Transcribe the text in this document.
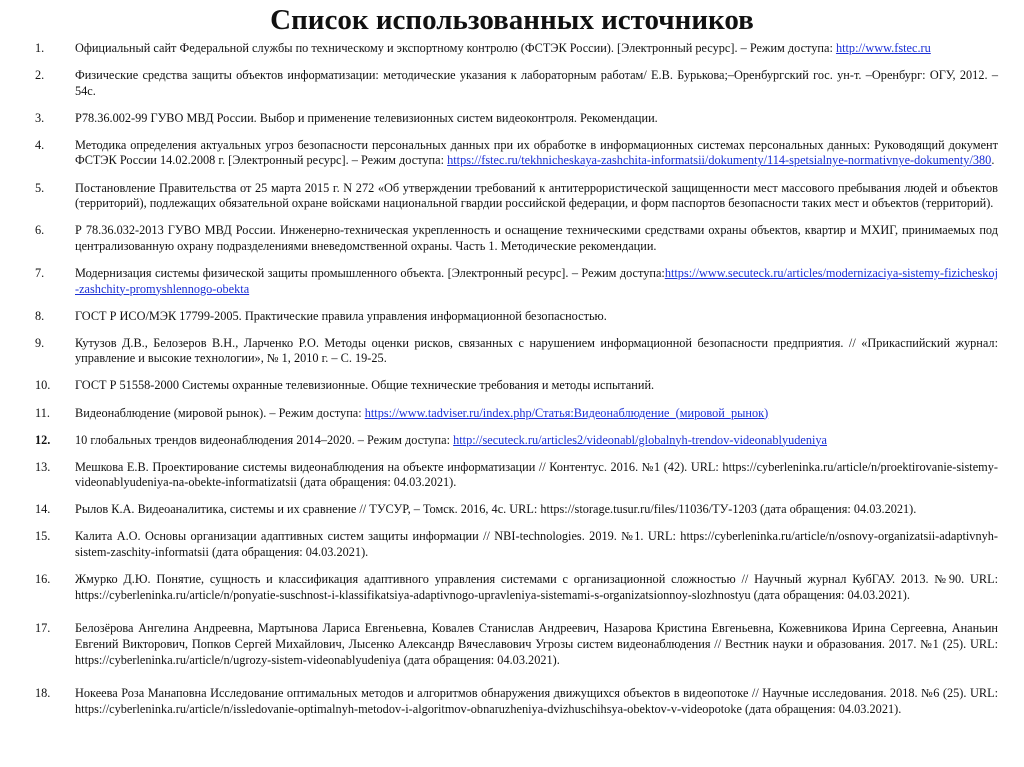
Список использованных источников
1.	Официальный сайт Федеральной службы по техническому и экспортному контролю (ФСТЭК России). [Электронный ресурс]. – Режим доступа: http://www.fstec.ru
2.	Физические средства защиты объектов информатизации: методические указания к лабораторным работам/ Е.В. Бурькова;–Оренбургский гос. ун-т. –Оренбург: ОГУ, 2012. –54с.
3.	Р78.36.002-99 ГУВО МВД России. Выбор и применение телевизионных систем видеоконтроля. Рекомендации.
4.	Методика определения актуальных угроз безопасности персональных данных при их обработке в информационных системах персональных данных: Руководящий документ ФСТЭК России 14.02.2008 г. [Электронный ресурс]. – Режим доступа: https://fstec.ru/tekhnicheskaya-zashchita-informatsii/dokumenty/114-spetsialnye-normativnye-dokumenty/380.
5.	Постановление Правительства от 25 марта 2015 г. N 272 «Об утверждении требований к антитеррористической защищенности мест массового пребывания людей и объектов (территорий), подлежащих обязательной охране войсками национальной гвардии российской федерации, и форм паспортов безопасности таких мест и объектов (территорий).
6.	Р 78.36.032-2013 ГУВО МВД России. Инженерно-техническая укрепленность и оснащение техническими средствами охраны объектов, квартир и МХИГ, принимаемых под централизованную охрану подразделениями вневедомственной охраны. Часть 1. Методические рекомендации.
7.	Модернизация системы физической защиты промышленного объекта. [Электронный ресурс]. – Режим доступа:https://www.secuteck.ru/articles/modernizaciya-sistemy-fizicheskoj-zashchity-promyshlennogo-obekta
8.	ГОСТ Р ИСО/МЭК 17799-2005. Практические правила управления информационной безопасностью.
9.	Кутузов Д.В., Белозеров В.Н., Ларченко Р.О. Методы оценки рисков, связанных с нарушением информационной безопасности предприятия. // «Прикаспийский журнал: управление и высокие технологии», № 1, 2010 г. – С. 19-25.
10.	ГОСТ Р 51558-2000 Системы охранные телевизионные. Общие технические требования и методы испытаний.
11.	Видеонаблюдение (мировой рынок). – Режим доступа: https://www.tadviser.ru/index.php/Статья:Видеонаблюдение_(мировой_рынок)
12.	10 глобальных трендов видеонаблюдения 2014–2020. – Режим доступа: http://secuteck.ru/articles2/videonabl/globalnyh-trendov-videonablyudeniya
13.	Мешкова Е.В. Проектирование системы видеонаблюдения на объекте информатизации // Контентус. 2016. №1 (42). URL: https://cyberleninka.ru/article/n/proektirovanie-sistemy-videonablyudeniya-na-obekte-informatizatsii (дата обращения: 04.03.2021).
14.	Рылов К.А. Видеоаналитика, системы и их сравнение // ТУСУР, – Томск. 2016, 4с. URL: https://storage.tusur.ru/files/11036/ТУ-1203 (дата обращения: 04.03.2021).
15.	Калита А.О. Основы организации адаптивных систем защиты информации // NBI-technologies. 2019. №1. URL: https://cyberleninka.ru/article/n/osnovy-organizatsii-adaptivnyh-sistem-zaschity-informatsii (дата обращения: 04.03.2021).
16.	Жмурко Д.Ю. Понятие, сущность и классификация адаптивного управления системами с организационной сложностью // Научный журнал КубГАУ. 2013. №90. URL: https://cyberleninka.ru/article/n/ponyatie-suschnost-i-klassifikatsiya-adaptivnogo-upravleniya-sistemami-s-organizatsionnoy-slozhnostyu (дата обращения: 04.03.2021).
17.	Белозёрова Ангелина Андреевна, Мартынова Лариса Евгеньевна, Ковалев Станислав Андреевич, Назарова Кристина Евгеньевна, Кожевникова Ирина Сергеевна, Ананьин Евгений Викторович, Попков Сергей Михайлович, Лысенко Александр Вячеславович Угрозы систем видеонаблюдения // Вестник науки и образования. 2017. №1 (25). URL: https://cyberleninka.ru/article/n/ugrozy-sistem-videonablyudeniya (дата обращения: 04.03.2021).
18.	Нокеева Роза Манаповна Исследование оптимальных методов и алгоритмов обнаружения движущихся объектов в видеопотоке // Научные исследования. 2018. №6 (25). URL: https://cyberleninka.ru/article/n/issledovanie-optimalnyh-metodov-i-algoritmov-obnaruzheniya-dvizhuschihsya-obektov-v-videopotoke (дата обращения: 04.03.2021).
